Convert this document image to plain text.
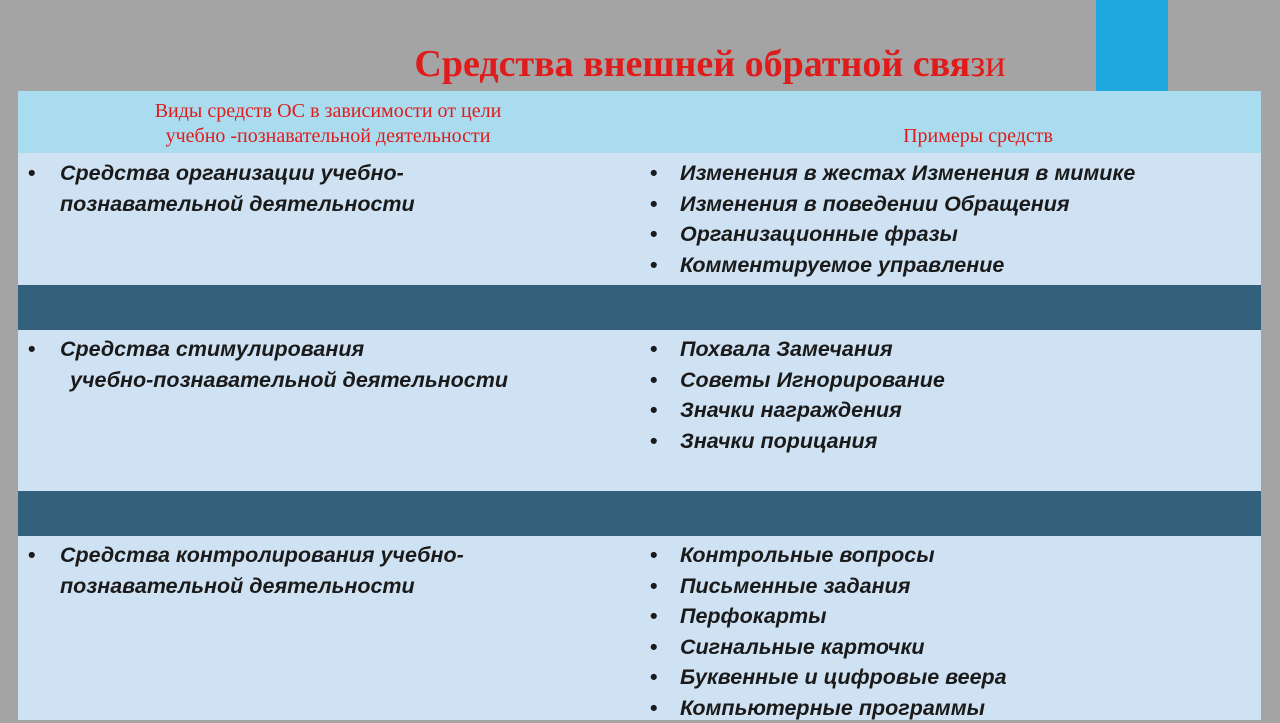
Средства внешней обратной связи
Виды средств ОС в зависимости от цели
учебно -познавательной деятельности	Примеры средств
• Средства организации учебно-
познавательной деятельности
• Изменения в жестах Изменения в мимике
• Изменения в поведении Обращения
• Организационные фразы
• Комментируемое управление
• Средства стимулирования
учебно-познавательной деятельности
• Похвала Замечания
• Советы Игнорирование
• Значки награждения
• Значки порицания
• Средства контролирования учебно-
познавательной деятельности
• Контрольные вопросы
• Письменные задания
• Перфокарты
• Сигнальные карточки
• Буквенные и цифровые веера
• Компьютерные программы
